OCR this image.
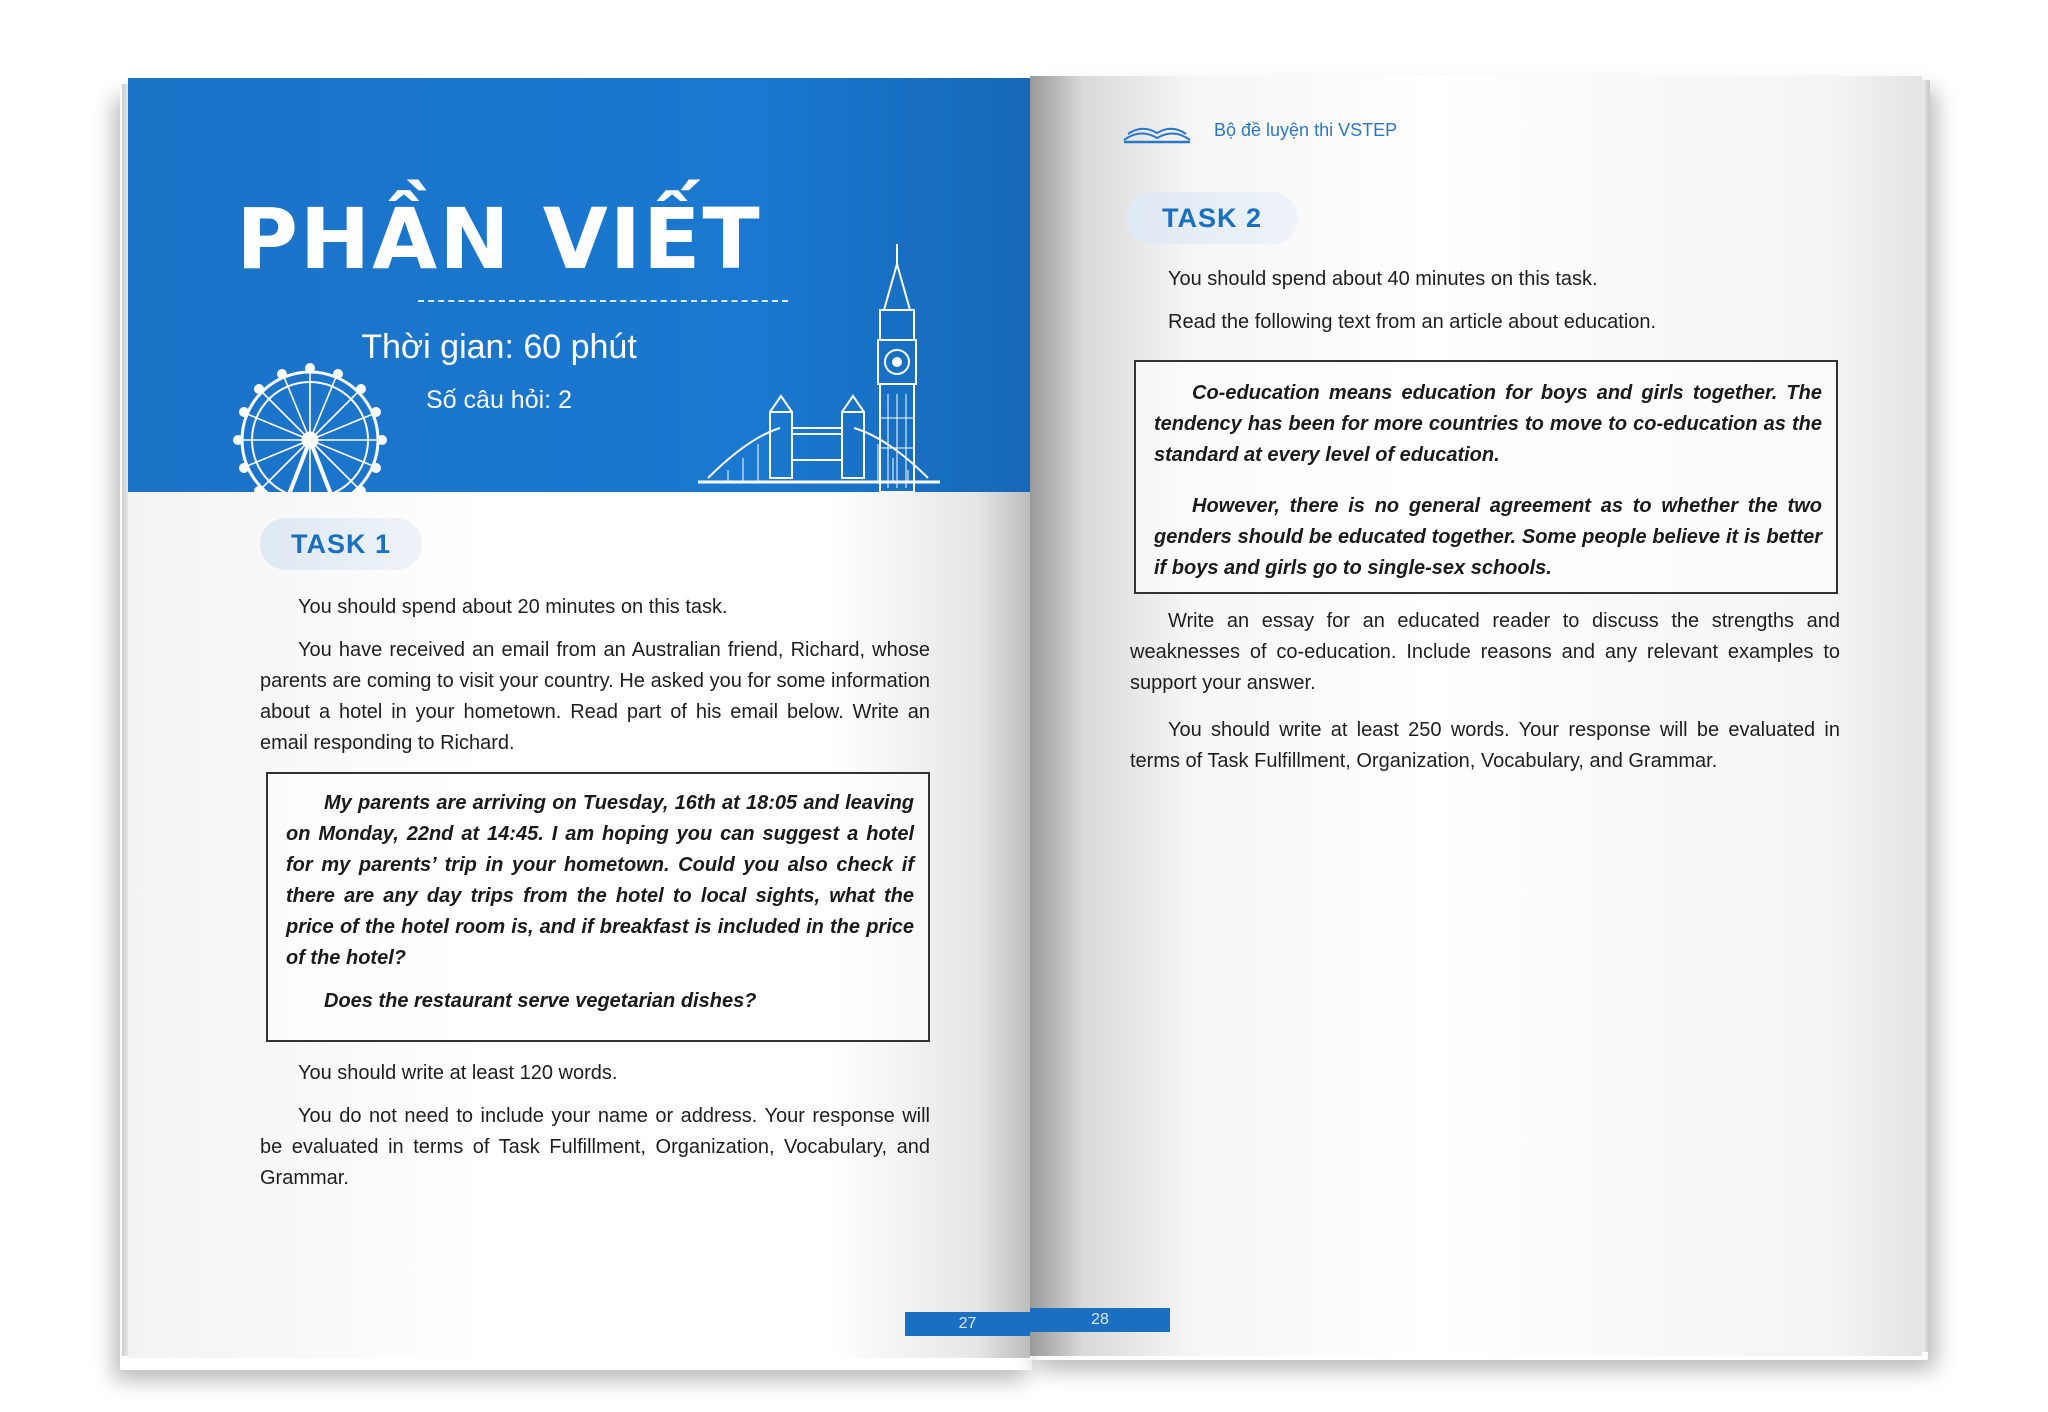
PHẦN VIẾT
Thời gian: 60 phút
Số câu hỏi: 2
TASK 1
You should spend about 20 minutes on this task.
You have received an email from an Australian friend, Richard, whose parents are coming to visit your country. He asked you for some information about a hotel in your hometown. Read part of his email below. Write an email responding to Richard.

My parents are arriving on Tuesday, 16th at 18:05 and leaving on Monday, 22nd at 14:45. I am hoping you can suggest a hotel for my parents’ trip in your hometown. Could you also check if there are any day trips from the hotel to local sights, what the price of the hotel room is, and if breakfast is included in the price of the hotel?

Does the restaurant serve vegetarian dishes?

You should write at least 120 words.
You do not need to include your name or address. Your response will be evaluated in terms of Task Fulfillment, Organization, Vocabulary, and Grammar.
27
Bộ đề luyện thi VSTEP
TASK 2
You should spend about 40 minutes on this task.
Read the following text from an article about education.

Co-education means education for boys and girls together. The tendency has been for more countries to move to co-education as the standard at every level of education.

However, there is no general agreement as to whether the two genders should be educated together. Some people believe it is better if boys and girls go to single-sex schools.

Write an essay for an educated reader to discuss the strengths and weaknesses of co-education. Include reasons and any relevant examples to support your answer.
You should write at least 250 words. Your response will be evaluated in terms of Task Fulfillment, Organization, Vocabulary, and Grammar.
28
